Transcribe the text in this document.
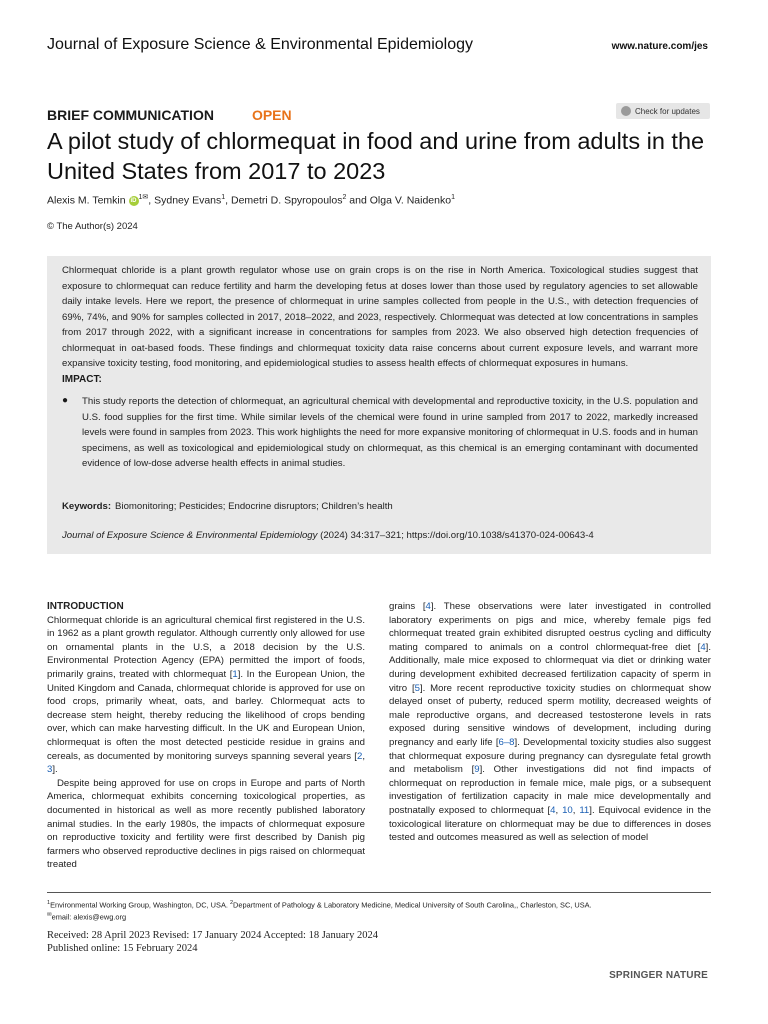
Journal of Exposure Science & Environmental Epidemiology	www.nature.com/jes
BRIEF COMMUNICATION	OPEN	Check for updates
A pilot study of chlormequat in food and urine from adults in the United States from 2017 to 2023
Alexis M. Temkin iD $^{1✉}$, Sydney Evans$^1$, Demetri D. Spyropoulos$^2$ and Olga V. Naidenko$^1$
© The Author(s) 2024
Chlormequat chloride is a plant growth regulator whose use on grain crops is on the rise in North America. Toxicological studies suggest that exposure to chlormequat can reduce fertility and harm the developing fetus at doses lower than those used by regulatory agencies to set allowable daily intake levels. Here we report, the presence of chlormequat in urine samples collected from people in the U.S., with detection frequencies of 69%, 74%, and 90% for samples collected in 2017, 2018–2022, and 2023, respectively. Chlormequat was detected at low concentrations in samples from 2017 through 2022, with a significant increase in concentrations for samples from 2023. We also observed high detection frequencies of chlormequat in oat-based foods. These findings and chlormequat toxicity data raise concerns about current exposure levels, and warrant more expansive toxicity testing, food monitoring, and epidemiological studies to assess health effects of chlormequat exposures in humans.
IMPACT:
● This study reports the detection of chlormequat, an agricultural chemical with developmental and reproductive toxicity, in the U.S. population and U.S. food supplies for the first time. While similar levels of the chemical were found in urine sampled from 2017 to 2022, markedly increased levels were found in samples from 2023. This work highlights the need for more expansive monitoring of chlormequat in U.S. foods and in human specimens, as well as toxicological and epidemiological study on chlormequat, as this chemical is an emerging contaminant with documented evidence of low-dose adverse health effects in animal studies.
Keywords: Biomonitoring; Pesticides; Endocrine disruptors; Children’s health
Journal of Exposure Science & Environmental Epidemiology (2024) 34:317–321; https://doi.org/10.1038/s41370-024-00643-4
INTRODUCTION

Chlormequat chloride is an agricultural chemical first registered in the U.S. in 1962 as a plant growth regulator. Although currently only allowed for use on ornamental plants in the U.S, a 2018 decision by the U.S. Environmental Protection Agency (EPA) permitted the import of foods, primarily grains, treated with chlormequat [1]. In the European Union, the United Kingdom and Canada, chlormequat chloride is approved for use on food crops, primarily wheat, oats, and barley. Chlormequat acts to decrease stem height, thereby reducing the likelihood of crops bending over, which can make harvesting difficult. In the UK and European Union, chlormequat is often the most detected pesticide residue in grains and cereals, as documented by monitoring surveys spanning several years [2, 3].

Despite being approved for use on crops in Europe and parts of North America, chlormequat exhibits concerning toxicological properties, as documented in historical as well as more recently published laboratory animal studies. In the early 1980s, the impacts of chlormequat exposure on reproductive toxicity and fertility were first described by Danish pig farmers who observed reproductive declines in pigs raised on chlormequat treated

grains [4]. These observations were later investigated in controlled laboratory experiments on pigs and mice, whereby female pigs fed chlormequat treated grain exhibited disrupted oestrus cycling and difficulty mating compared to animals on a control chlormequat-free diet [4]. Additionally, male mice exposed to chlormequat via diet or drinking water during development exhibited decreased fertilization capacity of sperm in vitro [5]. More recent reproductive toxicity studies on chlormequat show delayed onset of puberty, reduced sperm motility, decreased weights of male reproductive organs, and decreased testosterone levels in rats exposed during sensitive windows of development, including during pregnancy and early life [6–8]. Developmental toxicity studies also suggest that chlormequat exposure during pregnancy can dysregulate fetal growth and metabolism [9]. Other investigations did not find impacts of chlormequat on reproduction in female mice, male pigs, or a subsequent investigation of fertilization capacity in male mice developmentally and postnatally exposed to chlormequat [4, 10, 11]. Equivocal evidence in the toxicological literature on chlormequat may be due to differences in doses tested and outcomes measured as well as selection of model

$^1$Environmental Working Group, Washington, DC, USA. $^2$Department of Pathology & Laboratory Medicine, Medical University of South Carolina,, Charleston, SC, USA.
✉email: alexis@ewg.org
Received: 28 April 2023 Revised: 17 January 2024 Accepted: 18 January 2024
Published online: 15 February 2024
SPRINGER NATURE
